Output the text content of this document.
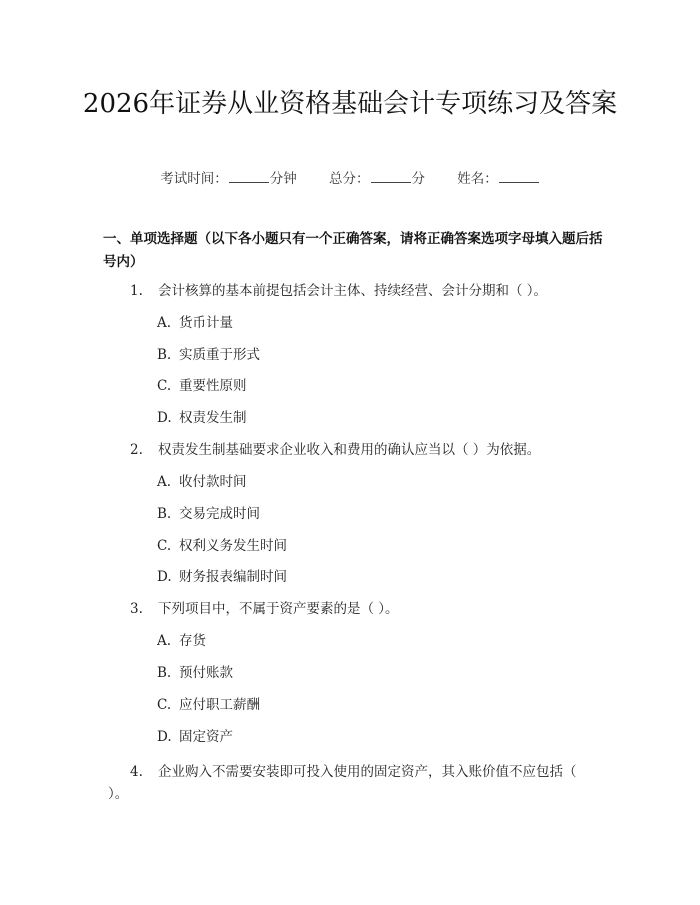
2026年证券从业资格基础会计专项练习及答案
考试时间：	分钟 总分：	分 姓名：
一、单项选择题（以下各小题只有一个正确答案，请将正确答案选项字母填入题后括号内）
1. 会计核算的基本前提包括会计主体、持续经营、会计分期和（ ）。
A. 货币计量
B. 实质重于形式
C. 重要性原则
D. 权责发生制
2. 权责发生制基础要求企业收入和费用的确认应当以（ ）为依据。
A. 收付款时间
B. 交易完成时间
C. 权利义务发生时间
D. 财务报表编制时间
3. 下列项目中，不属于资产要素的是（ ）。
A. 存货
B. 预付账款
C. 应付职工薪酬
D. 固定资产
4. 企业购入不需要安装即可投入使用的固定资产，其入账价值不应包括（ ）。
